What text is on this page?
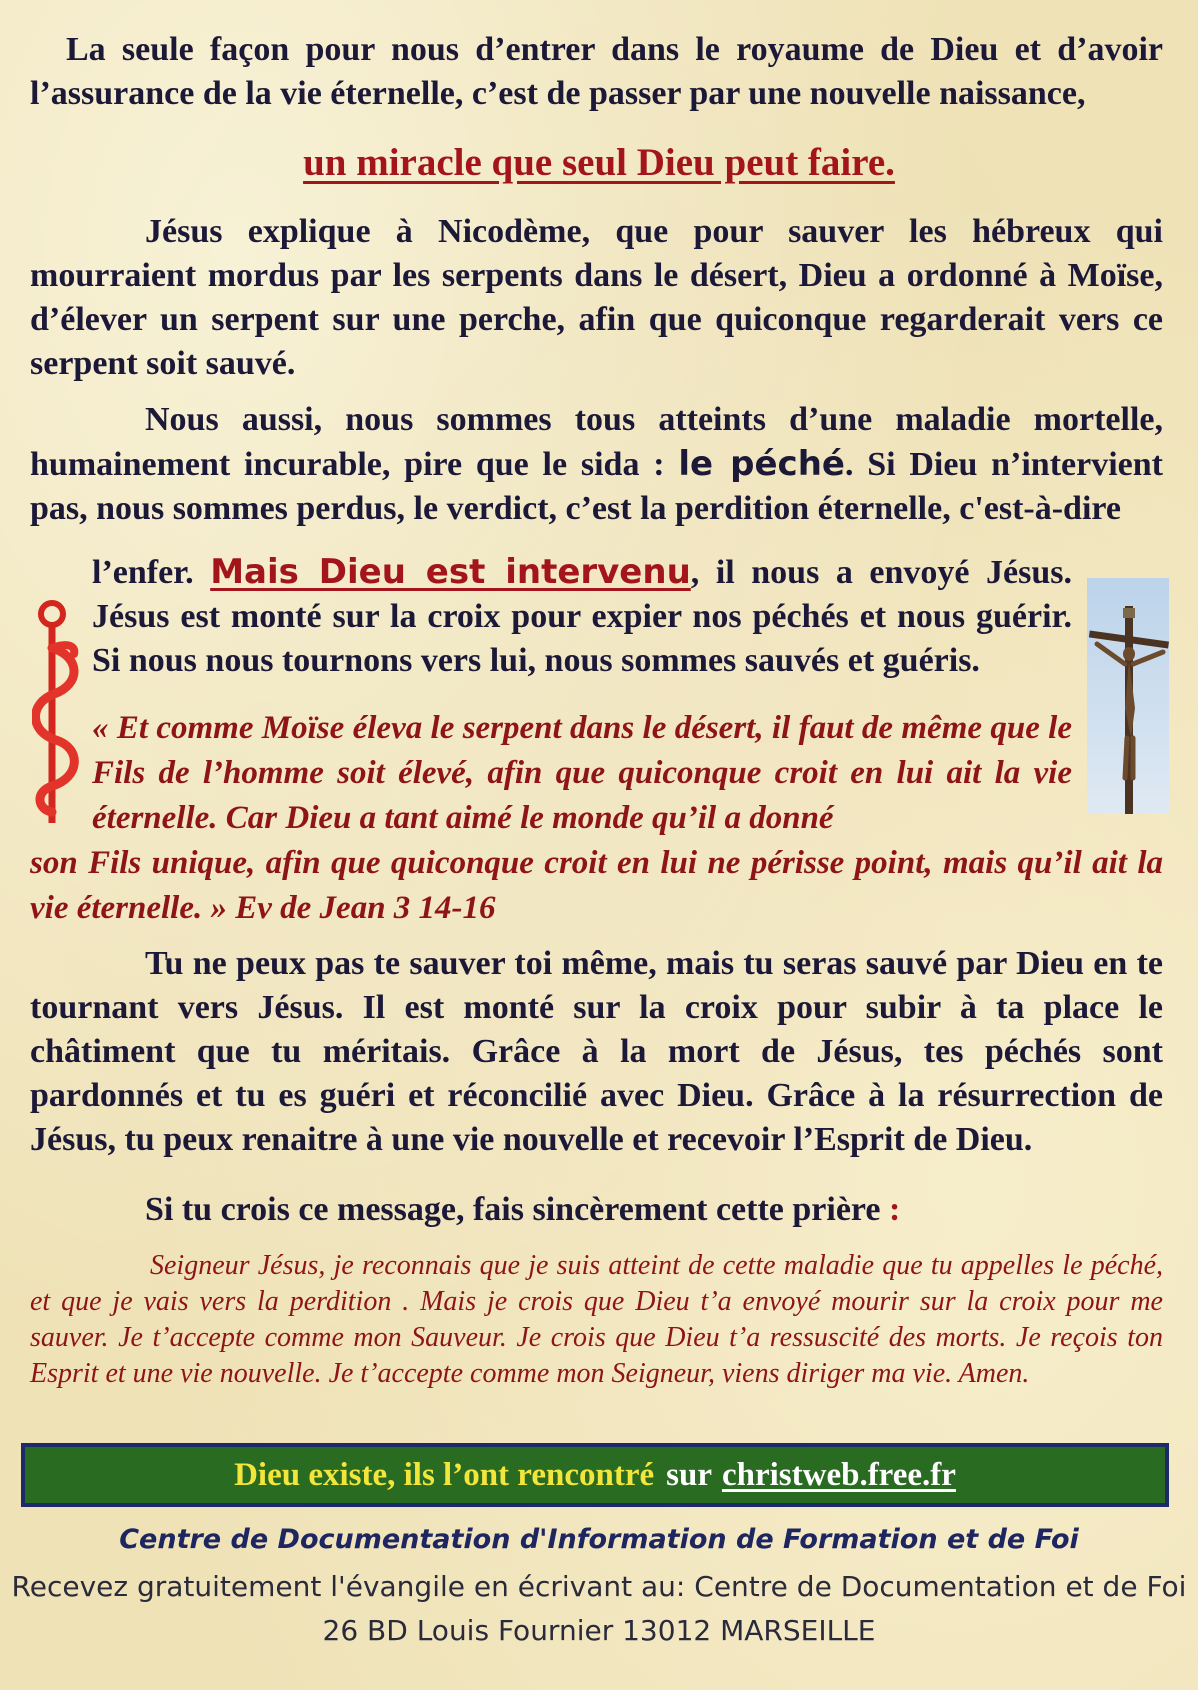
La seule façon pour nous d’entrer dans le royaume de Dieu et d’avoir l’assurance de la vie éternelle, c’est de passer par une nouvelle naissance,

un miracle que seul Dieu peut faire.

Jésus explique à Nicodème, que pour sauver les hébreux qui mourraient mordus par les serpents dans le désert, Dieu a ordonné à Moïse, d’élever un serpent sur une perche, afin que quiconque regarderait vers ce serpent soit sauvé.

Nous aussi, nous sommes tous atteints d’une maladie mortelle, humainement incurable, pire que le sida : le péché. Si Dieu n’intervient pas, nous sommes perdus, le verdict, c’est la perdition éternelle, c'est-à-dire

l’enfer. Mais Dieu est intervenu, il nous a envoyé Jésus. Jésus est monté sur la croix pour expier nos péchés et nous guérir. Si nous nous tournons vers lui, nous sommes sauvés et guéris.

« Et comme Moïse éleva le serpent dans le désert, il faut de même que le Fils de l’homme soit élevé, afin que quiconque croit en lui ait la vie éternelle. Car Dieu a tant aimé le monde qu’il a donné

son Fils unique, afin que quiconque croit en lui ne périsse point, mais qu’il ait la vie éternelle. » Ev de Jean 3 14-16

Tu ne peux pas te sauver toi même, mais tu seras sauvé par Dieu en te tournant vers Jésus. Il est monté sur la croix pour subir à ta place le châtiment que tu méritais. Grâce à la mort de Jésus, tes péchés sont pardonnés et tu es guéri et réconcilié avec Dieu. Grâce à la résurrection de Jésus, tu peux renaitre à une vie nouvelle et recevoir l’Esprit de Dieu.

Si tu crois ce message, fais sincèrement cette prière :

Seigneur Jésus, je reconnais que je suis atteint de cette maladie que tu appelles le péché, et que je vais vers la perdition . Mais je crois que Dieu t’a envoyé mourir sur la croix pour me sauver. Je t’accepte comme mon Sauveur. Je crois que Dieu t’a ressuscité des morts. Je reçois ton Esprit et une vie nouvelle. Je t’accepte comme mon Seigneur, viens diriger ma vie. Amen.

Dieu existe, ils l’ont rencontré sur christweb.free.fr
Centre de Documentation d'Information de Formation et de Foi
Recevez gratuitement l'évangile en écrivant au: Centre de Documentation et de Foi
26 BD Louis Fournier 13012 MARSEILLE
